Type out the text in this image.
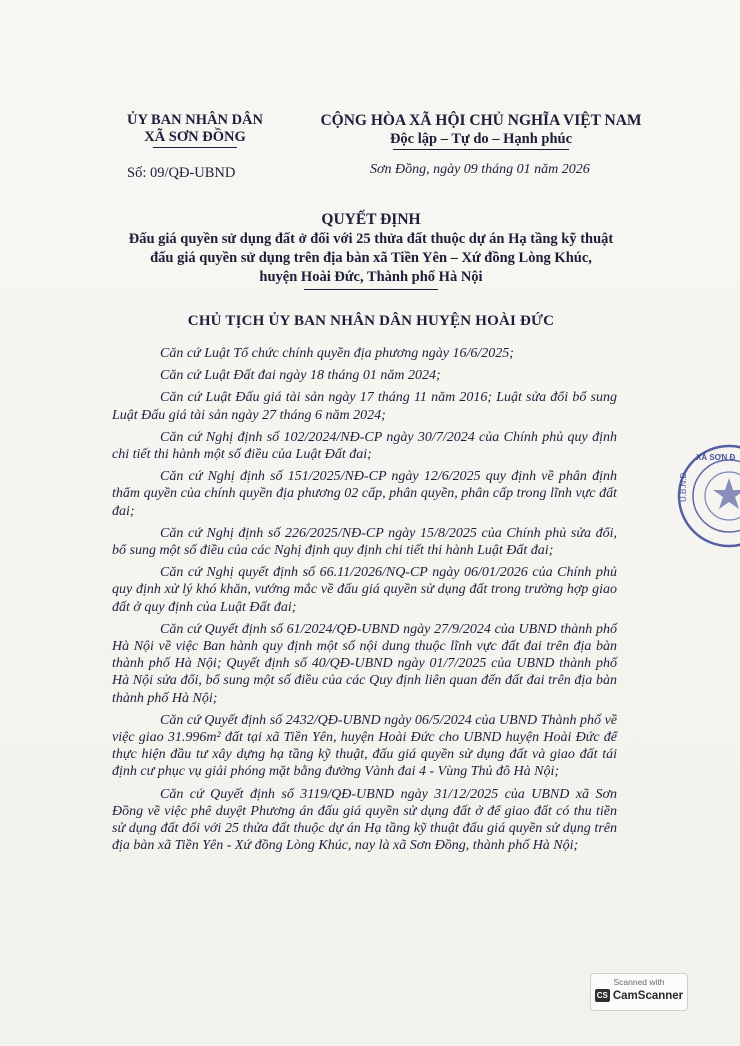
ỦY BAN NHÂN DÂN
XÃ SƠN ĐỒNG
Số: 09/QĐ-UBND
CỘNG HÒA XÃ HỘI CHỦ NGHĨA VIỆT NAM
Độc lập – Tự do – Hạnh phúc
Sơn Đồng, ngày 09 tháng 01 năm 2026
QUYẾT ĐỊNH
Đấu giá quyền sử dụng đất ở đối với 25 thửa đất thuộc dự án Hạ tầng kỹ thuật
đấu giá quyền sử dụng trên địa bàn xã Tiền Yên – Xứ đồng Lòng Khúc,
huyện Hoài Đức, Thành phố Hà Nội
CHỦ TỊCH ỦY BAN NHÂN DÂN HUYỆN HOÀI ĐỨC

Căn cứ Luật Tổ chức chính quyền địa phương ngày 16/6/2025;

Căn cứ Luật Đất đai ngày 18 tháng 01 năm 2024;

Căn cứ Luật Đấu giá tài sản ngày 17 tháng 11 năm 2016; Luật sửa đổi bổ sung Luật Đấu giá tài sản ngày 27 tháng 6 năm 2024;

Căn cứ Nghị định số 102/2024/NĐ-CP ngày 30/7/2024 của Chính phủ quy định chi tiết thi hành một số điều của Luật Đất đai;

Căn cứ Nghị định số 151/2025/NĐ-CP ngày 12/6/2025 quy định về phân định thẩm quyền của chính quyền địa phương 02 cấp, phân quyền, phân cấp trong lĩnh vực đất đai;

Căn cứ Nghị định số 226/2025/NĐ-CP ngày 15/8/2025 của Chính phủ sửa đổi, bổ sung một số điều của các Nghị định quy định chi tiết thi hành Luật Đất đai;

Căn cứ Nghị quyết định số 66.11/2026/NQ-CP ngày 06/01/2026 của Chính phủ quy định xử lý khó khăn, vướng mắc về đấu giá quyền sử dụng đất trong trường hợp giao đất ở quy định của Luật Đất đai;

Căn cứ Quyết định số 61/2024/QĐ-UBND ngày 27/9/2024 của UBND thành phố Hà Nội về việc Ban hành quy định một số nội dung thuộc lĩnh vực đất đai trên địa bàn thành phố Hà Nội; Quyết định số 40/QĐ-UBND ngày 01/7/2025 của UBND thành phố Hà Nội sửa đổi, bổ sung một số điều của các Quy định liên quan đến đất đai trên địa bàn thành phố Hà Nội;

Căn cứ Quyết định số 2432/QĐ-UBND ngày 06/5/2024 của UBND Thành phố về việc giao 31.996m² đất tại xã Tiền Yên, huyện Hoài Đức cho UBND huyện Hoài Đức để thực hiện đầu tư xây dựng hạ tầng kỹ thuật, đấu giá quyền sử dụng đất và giao đất tái định cư phục vụ giải phóng mặt bằng đường Vành đai 4 - Vùng Thủ đô Hà Nội;

Căn cứ Quyết định số 3119/QĐ-UBND ngày 31/12/2025 của UBND xã Sơn Đồng về việc phê duyệt Phương án đấu giá quyền sử dụng đất ở để giao đất có thu tiền sử dụng đất đối với 25 thửa đất thuộc dự án Hạ tầng kỹ thuật đấu giá quyền sử dụng trên địa bàn xã Tiền Yên - Xứ đồng Lòng Khúc, nay là xã Sơn Đồng, thành phố Hà Nội;

U.B.N.D
XÃ SƠN Đ
Scanned with
CS CamScanner
